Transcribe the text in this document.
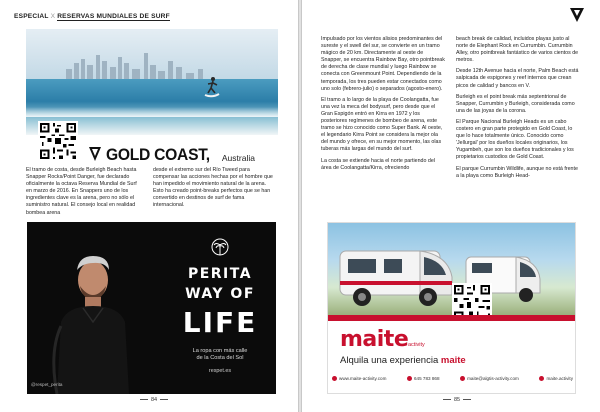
ESPECIAL X RESERVAS MUNDIALES DE SURF
GOLD COAST, Australia

El tramo de costa, desde Burleigh Beach hasta Snapper Rocks/Point Danger, fue declarado oficialmente la octava Reserva Mundial de Surf en marzo de 2016. En Snappers uno de los ingredientes clave es la arena, pero no sólo el suministro natural. El consejo local en realidad bombea arena

desde el extremo sur del Río Tweed para compensar las acciones hechas por el hombre que han impedido el movimiento natural de la arena. Esto ha creado point-breaks perfectos que se han convertido en destinos de surf de fama internacional.

PERITA
WAY OF
LIFE
La ropa con más calle
de la Costa del Sol
respet.es
@respet_perita
84

Impulsado por los vientos alisios predominantes del sureste y el swell del sur, se convierte en un tramo mágico de 20 km. Directamente al oeste de Snapper, se encuentra Rainbow Bay, otro pointbreak de derecha de clase mundial y luego Rainbow se conecta con Greenmount Point. Dependiendo de la temporada, los tres pueden estar conectados como uno solo (febrero-julio) o separados (agosto-enero).

El tramo a lo largo de la playa de Coolangatta, fue una vez la meca del bodysurf, pero desde que el Gran Espigón entró en Kirra en 1972 y los posteriores regímenes de bombeo de arena, este tramo se hizo conocido como Super Bank. Al oeste, el legendario Kirra Point se considera la mejor ola del mundo y ofrece, en su mejor momento, las olas tuberas más largas del mundo del surf.

La costa se extiende hacia el norte partiendo del área de Coolangatta/Kirra, ofreciendo

beach break de calidad, incluidos playas justo al norte de Elephant Rock en Currumbin. Currumbin Alley, otro pointbreak fantástico de varios cientos de metros.

Desde 12th Avenue hacia el norte, Palm Beach está salpicada de espigones y reef internos que crean picos de calidad y bancos en V.

Burleigh es el point break más septentrional de Snapper, Currumbin y Burleigh, considerada como una de las joyas de la corona.

El Parque Nacional Burleigh Heads es un cabo costero en gran parte protegido en Gold Coast, lo que lo hace totalmente único. Conocido como 'Jellurgal' por los dueños locales originarios, los Yugambeh, que son los dueños tradicionales y los propietarios custodios de Gold Coast.

El parque Currumbin Wildlife, aunque no está frente a la playa como Burleigh Head-

maite activity
Alquila una experiencia maite
www.maite-activity.com	645 783 868	maite@algtis-activity.com	maite.activity
85
